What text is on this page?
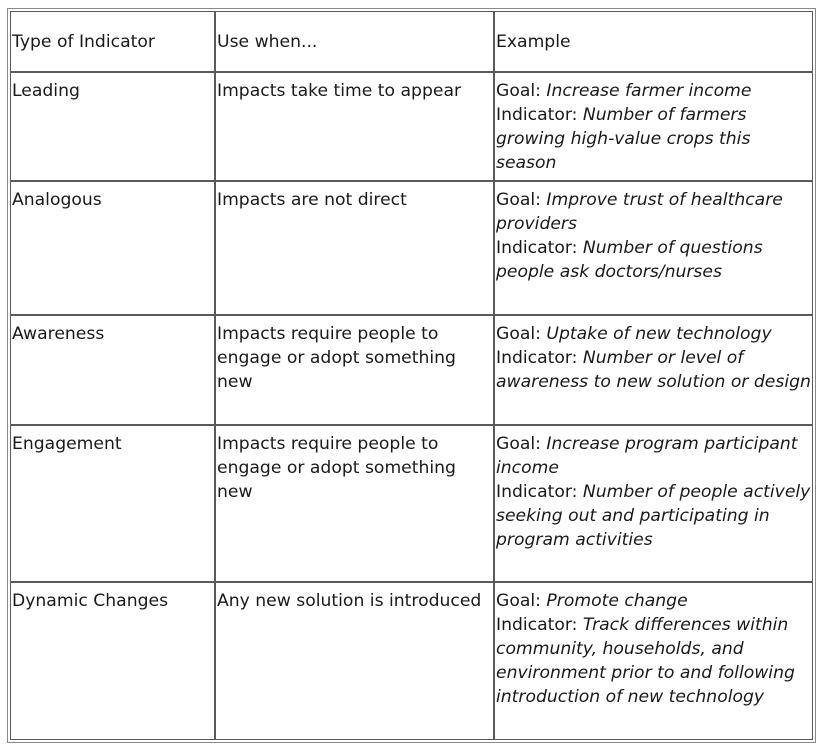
Type of Indicator	Use when...	Example
Leading	Impacts take time to appear	Goal: Increase farmer income
Indicator: Number of farmers growing high-value crops this season

Analogous	Impacts are not direct	Goal: Improve trust of healthcare providers
Indicator: Number of questions people ask doctors/nurses

Awareness	Impacts require people to engage or adopt something new	Goal: Uptake of new technology
Indicator: Number or level of awareness to new solution or design

Engagement	Impacts require people to engage or adopt something new	Goal: Increase program participant income
Indicator: Number of people actively seeking out and participating in program activities

Dynamic Changes	Any new solution is introduced	Goal: Promote change
Indicator: Track differences within community, households, and environment prior to and following introduction of new technology
